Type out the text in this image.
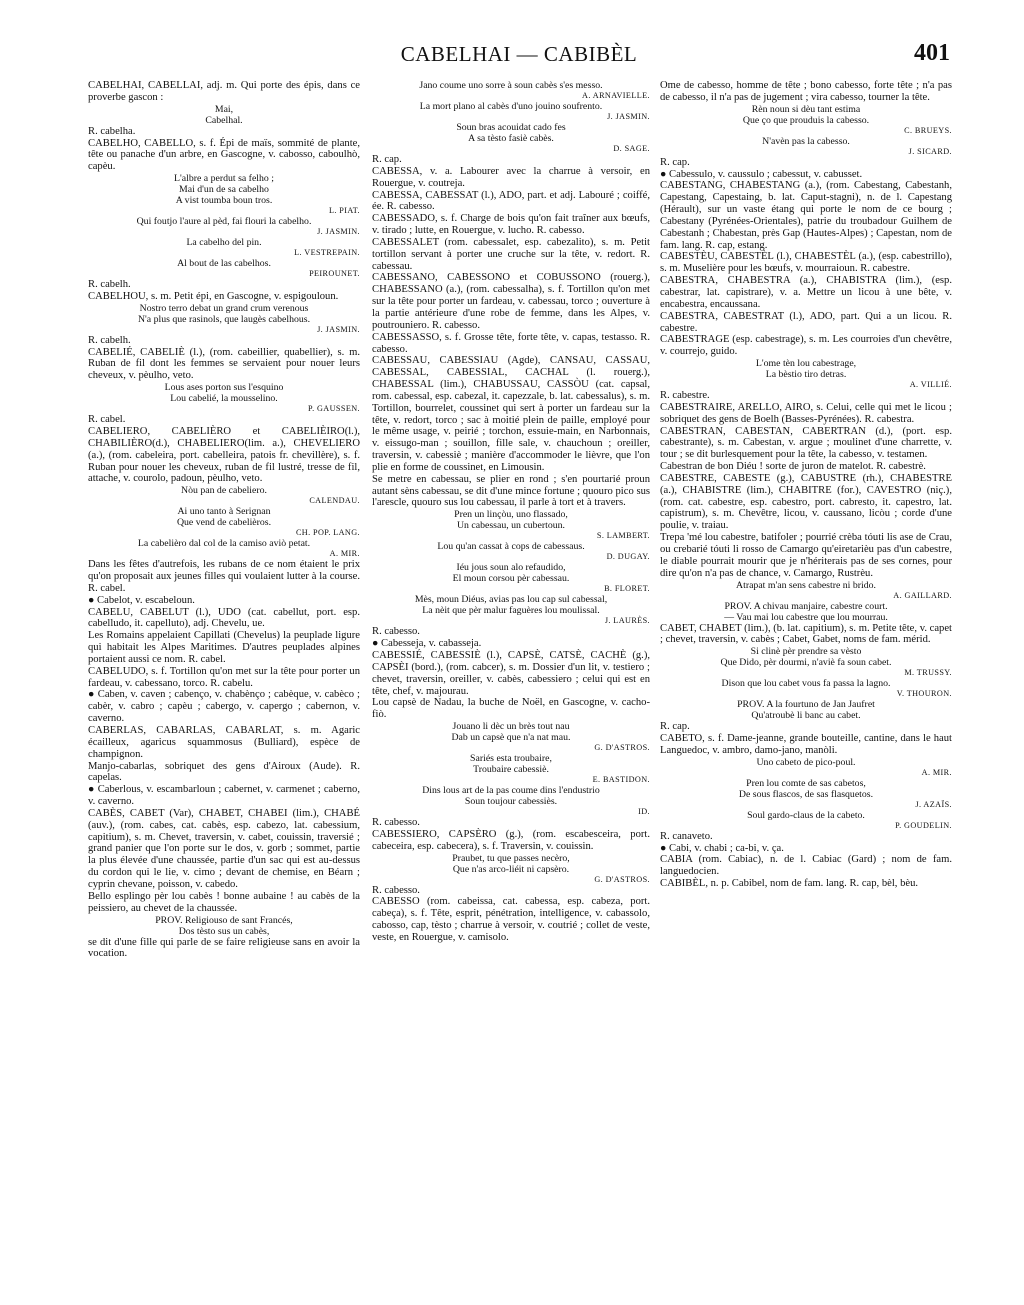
CABELHAI — CABIBÈL	401

CABELHAI, CABELLAI, adj. m. Qui porte des épis, dans ce proverbe gascon :

Mai,

Cabelhal.

R. cabelha.

CABELHO, CABELLO, s. f. Épi de maïs, sommité de plante, tête ou panache d'un arbre, en Gascogne, v. cabosso, caboulhò, capèu.

L'albre a perdut sa felho ;

Mai d'un de sa cabelho

A vist toumba boun tros.

L. PIAT.

Qui foutjo l'aure al pèd, fai flouri la cabelho.

J. JASMIN.

La cabelho del pin.

L. VESTREPAIN.

Al bout de las cabelhos.

PEIROUNET.

R. cabelh.

CABELHOU, s. m. Petit épi, en Gascogne, v. espigouloun.

Nostro terro debat un grand crum verenous

N'a plus que rasinols, que laugès cabelhous.

J. JASMIN.

R. cabelh.

CABELIÉ, CABELIÈ (l.), (rom. cabeillier, quabellier), s. m. Ruban de fil dont les femmes se servaient pour nouer leurs cheveux, v. pèulho, veto.

Lous ases porton sus l'esquino

Lou cabelié, la mousselino.

P. GAUSSEN.

R. cabel.

CABELIERO, CABELIÈRO et CABELIÈIRO(l.), CHABILIÈRO(d.), CHABELIERO(lim. a.), CHEVELIERO (a.), (rom. cabeleira, port. cabelleira, patois fr. chevillère), s. f. Ruban pour nouer les cheveux, ruban de fil lustré, tresse de fil, attache, v. courolo, padoun, pèulho, veto.

Nòu pan de cabeliero.

CALENDAU.

Ai uno tanto à Serignan

Que vend de cabelièros.

CH. POP. LANG.

La cabelièro dal col de la camiso aviò petat.

A. MIR.

Dans les fêtes d'autrefois, les rubans de ce nom étaient le prix qu'on proposait aux jeunes filles qui voulaient lutter à la course. R. cabel.

● Cabelot, v. escabeloun.

CABELU, CABELUT (l.), UDO (cat. cabellut, port. esp. cabelludo, it. capelluto), adj. Chevelu, ue.

Les Romains appelaient Capillati (Chevelus) la peuplade ligure qui habitait les Alpes Maritimes. D'autres peuplades alpines portaient aussi ce nom. R. cabel.

CABELUDO, s. f. Tortillon qu'on met sur la tête pour porter un fardeau, v. cabessano, torco. R. cabelu.

● Caben, v. caven ; cabenço, v. chabènço ; cabèque, v. cabèco ; cabèr, v. cabro ; capèu ; cabergo, v. capergo ; cabernon, v. caverno.

CABERLAS, CABARLAS, CABARLAT, s. m. Agaric écailleux, agaricus squammosus (Bulliard), espèce de champignon.

Manjo-cabarlas, sobriquet des gens d'Airoux (Aude). R. capelas.

● Caberlous, v. escambarloun ; cabernet, v. carmenet ; caberno, v. caverno.

CABÈS, CABET (Var), CHABET, CHABEI (lim.), CHABÉ (auv.), (rom. cabes, cat. cabès, esp. cabezo, lat. cabessium, capitium), s. m. Chevet, traversin, v. cabet, couissin, traversié ; grand panier que l'on porte sur le dos, v. gorb ; sommet, partie la plus élevée d'une chaussée, partie d'un sac qui est au-dessus du cordon qui le lie, v. cimo ; devant de chemise, en Béarn ; cyprin chevane, poisson, v. cabedo.

Bello esplingo pèr lou cabès ! bonne aubaine ! au cabès de la peissiero, au chevet de la chaussée.

PROV. Religiouso de sant Francés,

Dos tèsto sus un cabès,

se dit d'une fille qui parle de se faire religieuse sans en avoir la vocation.

Jano coume uno sorre à soun cabès s'es messo.

A. ARNAVIELLE.

La mort plano al cabès d'uno jouino soufrento.

J. JASMIN.

Soun bras acouidat cado fes

A sa tèsto fasiè cabès.

D. SAGE.

R. cap.

CABESSA, v. a. Labourer avec la charrue à versoir, en Rouergue, v. coutreja.

CABESSA, CABESSAT (l.), ADO, part. et adj. Labouré ; coiffé, ée. R. cabesso.

CABESSADO, s. f. Charge de bois qu'on fait traîner aux bœufs, v. tirado ; lutte, en Rouergue, v. lucho. R. cabesso.

CABESSALET (rom. cabessalet, esp. cabezalito), s. m. Petit tortillon servant à porter une cruche sur la tête, v. redort. R. cabessau.

CABESSANO, CABESSONO et COBUSSONO (rouerg.), CHABESSANO (a.), (rom. cabessalha), s. f. Tortillon qu'on met sur la tête pour porter un fardeau, v. cabessau, torco ; ouverture à la partie antérieure d'une robe de femme, dans les Alpes, v. poutrouniero. R. cabesso.

CABESSASSO, s. f. Grosse tête, forte tête, v. capas, testasso. R. cabesso.

CABESSAU, CABESSIAU (Agde), CANSAU, CASSAU, CABESSAL, CABESSIAL, CACHAL (l. rouerg.), CHABESSAL (lim.), CHABUSSAU, CASSÒU (cat. capsal, rom. cabessal, esp. cabezal, it. capezzale, b. lat. cabessalus), s. m. Tortillon, bourrelet, coussinet qui sert à porter un fardeau sur la tête, v. redort, torco ; sac à moitié plein de paille, employé pour le même usage, v. peirié ; torchon, essuie-main, en Narbonnais, v. eissugo-man ; souillon, fille sale, v. chauchoun ; oreiller, traversin, v. cabessiè ; manière d'accommoder le lièvre, que l'on plie en forme de coussinet, en Limousin.

Se metre en cabessau, se plier en rond ; s'en pourtarié proun autant sèns cabessau, se dit d'une mince fortune ; quouro pico sus l'arescle, quouro sus lou cabessau, il parle à tort et à travers.

Pren un linçòu, uno flassado,

Un cabessau, un cubertoun.

S. LAMBERT.

Lou qu'an cassat à cops de cabessaus.

D. DUGAY.

Iéu jous soun alo refaudido,

El moun corsou pèr cabessau.

B. FLORET.

Mès, moun Diéus, avias pas lou cap sul cabessal,

La nèit que pèr malur faguères lou moulissal.

J. LAURÈS.

R. cabesso.

● Cabesseja, v. cabasseja.

CABESSIÉ, CABESSIÈ (l.), CAPSÈ, CATSÈ, CACHÈ (g.), CAPSÈI (bord.), (rom. cabcer), s. m. Dossier d'un lit, v. testiero ; chevet, traversin, oreiller, v. cabès, cabessiero ; celui qui est en tête, chef, v. majourau.

Lou capsè de Nadau, la buche de Noël, en Gascogne, v. cacho-fiò.

Jouano li dèc un brès tout nau

Dab un capsè que n'a nat mau.

G. D'ASTROS.

Sariés esta troubaire,

Troubaire cabessiè.

E. BASTIDON.

Dins lous art de la pas coume dins l'endustrio

Soun toujour cabessiès.

ID.

R. cabesso.

CABESSIERO, CAPSÈRO (g.), (rom. escabesceira, port. cabeceira, esp. cabecera), s. f. Traversin, v. couissin.

Praubet, tu que passes necèro,

Que n'as arco-liéit ni capsèro.

G. D'ASTROS.

R. cabesso.

CABESSO (rom. cabeissa, cat. cabessa, esp. cabeza, port. cabeça), s. f. Tête, esprit, pénétration, intelligence, v. cabassolo, cabosso, cap, tèsto ; charrue à versoir, v. coutrié ; collet de veste, veste, en Rouergue, v. camisolo.

Ome de cabesso, homme de tête ; bono cabesso, forte tête ; n'a pas de cabesso, il n'a pas de jugement ; vira cabesso, tourner la tête.

Rèn noun si dèu tant estima

Que ço que prouduis la cabesso.

C. BRUEYS.

N'avèn pas la cabesso.

J. SICARD.

R. cap.

● Cabessulo, v. caussulo ; cabessut, v. cabusset.

CABESTANG, CHABESTANG (a.), (rom. Cabestang, Cabestanh, Capestang, Capestaing, b. lat. Caput-stagni), n. de l. Capestang (Hérault), sur un vaste étang qui porte le nom de ce bourg ; Cabestany (Pyrénées-Orientales), patrie du troubadour Guilhem de Cabestanh ; Chabestan, près Gap (Hautes-Alpes) ; Capestan, nom de fam. lang. R. cap, estang.

CABESTÈU, CABESTÈL (l.), CHABESTÈL (a.), (esp. cabestrillo), s. m. Muselière pour les bœufs, v. mourraioun. R. cabestre.

CABESTRA, CHABESTRA (a.), CHABISTRA (lim.), (esp. cabestrar, lat. capistrare), v. a. Mettre un licou à une bête, v. encabestra, encaussana.

CABESTRA, CABESTRAT (l.), ADO, part. Qui a un licou. R. cabestre.

CABESTRAGE (esp. cabestrage), s. m. Les courroies d'un chevêtre, v. courrejo, guido.

L'ome tèn lou cabestrage,

La bèstio tiro detras.

A. VILLIÉ.

R. cabestre.

CABESTRAIRE, ARELLO, AIRO, s. Celui, celle qui met le licou ; sobriquet des gens de Boelh (Basses-Pyrénées). R. cabestra.

CABESTRAN, CABESTAN, CABERTRAN (d.), (port. esp. cabestrante), s. m. Cabestan, v. argue ; moulinet d'une charrette, v. tour ; se dit burlesquement pour la tête, la cabesso, v. testamen.

Cabestran de bon Diéu ! sorte de juron de matelot. R. cabestrè.

CABESTRE, CABESTE (g.), CABUSTRE (rh.), CHABESTRE (a.), CHABISTRE (lim.), CHABITRE (for.), CAVESTRO (niç.), (rom. cat. cabestre, esp. cabestro, port. cabresto, it. capestro, lat. capistrum), s. m. Chevêtre, licou, v. caussano, licòu ; corde d'une poulie, v. traiau.

Trepa 'mé lou cabestre, batifoler ; pourrié crèba tóuti lis ase de Crau, ou crebarié tóuti li rosso de Camargo qu'eiretarièu pas d'un cabestre, le diable pourrait mourir que je n'hériterais pas de ses cornes, pour dire qu'on n'a pas de chance, v. Camargo, Rustrèu.

Atrapat m'an sens cabestre ni brido.

A. GAILLARD.

PROV. A chivau manjaire, cabestre court.

— Vau mai lou cabestre que lou mourrau.

CABET, CHABET (lim.), (b. lat. capitium), s. m. Petite tête, v. capet ; chevet, traversin, v. cabès ; Cabet, Gabet, noms de fam. mérid.

Si clinè pèr prendre sa vèsto

Que Dido, pèr dourmi, n'aviè fa soun cabet.

M. TRUSSY.

Dison que lou cabet vous fa passa la lagno.

V. THOURON.

PROV. A la fourtuno de Jan Jaufret

Qu'atroubè li banc au cabet.

R. cap.

CABETO, s. f. Dame-jeanne, grande bouteille, cantine, dans le haut Languedoc, v. ambro, damo-jano, manòli.

Uno cabeto de pico-poul.

A. MIR.

Pren lou comte de sas cabetos,

De sous flascos, de sas flasquetos.

J. AZAÏS.

Soul gardo-claus de la cabeto.

P. GOUDELIN.

R. canaveto.

● Cabi, v. chabi ; ca-bi, v. ça.

CABIA (rom. Cabiac), n. de l. Cabiac (Gard) ; nom de fam. languedocien.

CABIBÈL, n. p. Cabibel, nom de fam. lang. R. cap, bèl, bèu.
